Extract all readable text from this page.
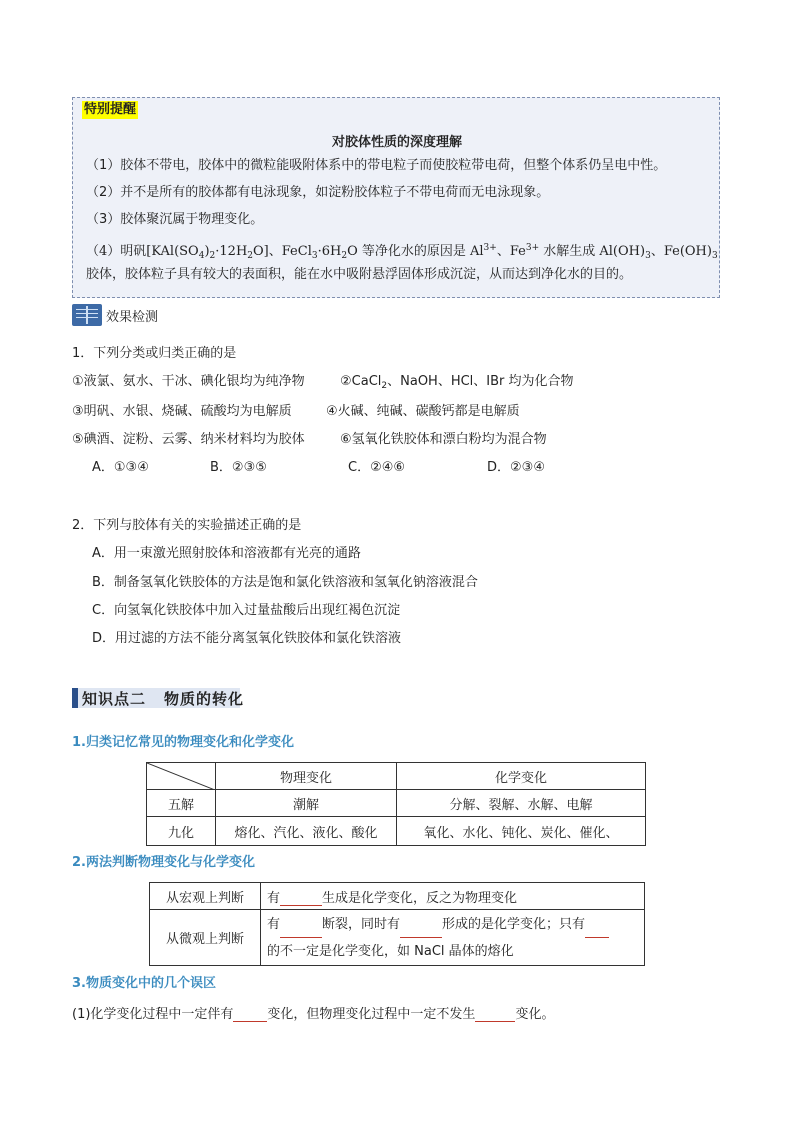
特别提醒
对胶体性质的深度理解
（1）胶体不带电，胶体中的微粒能吸附体系中的带电粒子而使胶粒带电荷，但整个体系仍呈电中性。
（2）并不是所有的胶体都有电泳现象，如淀粉胶体粒子不带电荷而无电泳现象。
（3）胶体聚沉属于物理变化。
（4）明矾$[KAl(SO_4)_2\cdot 12H_2O]$、$FeCl_3\cdot 6H_2O$ 等净化水的原因是 $Al^{3+}$、$Fe^{3+}$ 水解生成 $Al(OH)_3$、$Fe(OH)_3$
胶体，胶体粒子具有较大的表面积，能在水中吸附悬浮固体形成沉淀，从而达到净化水的目的。
效果检测
1．下列分类或归类正确的是
①液氯、氨水、干冰、碘化银均为纯净物	②CaCl$_2$、NaOH、HCl、IBr 均为化合物
③明矾、水银、烧碱、硫酸均为电解质	④火碱、纯碱、碳酸钙都是电解质
⑤碘酒、淀粉、云雾、纳米材料均为胶体	⑥氢氧化铁胶体和漂白粉均为混合物
A．①③④	B．②③⑤	C．②④⑥	D．②③④
2．下列与胶体有关的实验描述正确的是
A．用一束激光照射胶体和溶液都有光亮的通路
B．制备氢氧化铁胶体的方法是饱和氯化铁溶液和氢氧化钠溶液混合
C．向氢氧化铁胶体中加入过量盐酸后出现红褐色沉淀
D．用过滤的方法不能分离氢氧化铁胶体和氯化铁溶液
知识点二 物质的转化
1.归类记忆常见的物理变化和化学变化
	物理变化	化学变化
五解	潮解	分解、裂解、水解、电解
九化	熔化、汽化、液化、酸化	氧化、水化、钝化、炭化、催化、
2.两法判断物理变化与化学变化
从宏观上判断	有 生成是化学变化，反之为物理变化
从微观上判断	有 断裂，同时有 形成的是化学变化；只有
的不一定是化学变化，如 NaCl 晶体的熔化
3.物质变化中的几个误区
(1)化学变化过程中一定伴有	变化，但物理变化过程中一定不发生	变化。
